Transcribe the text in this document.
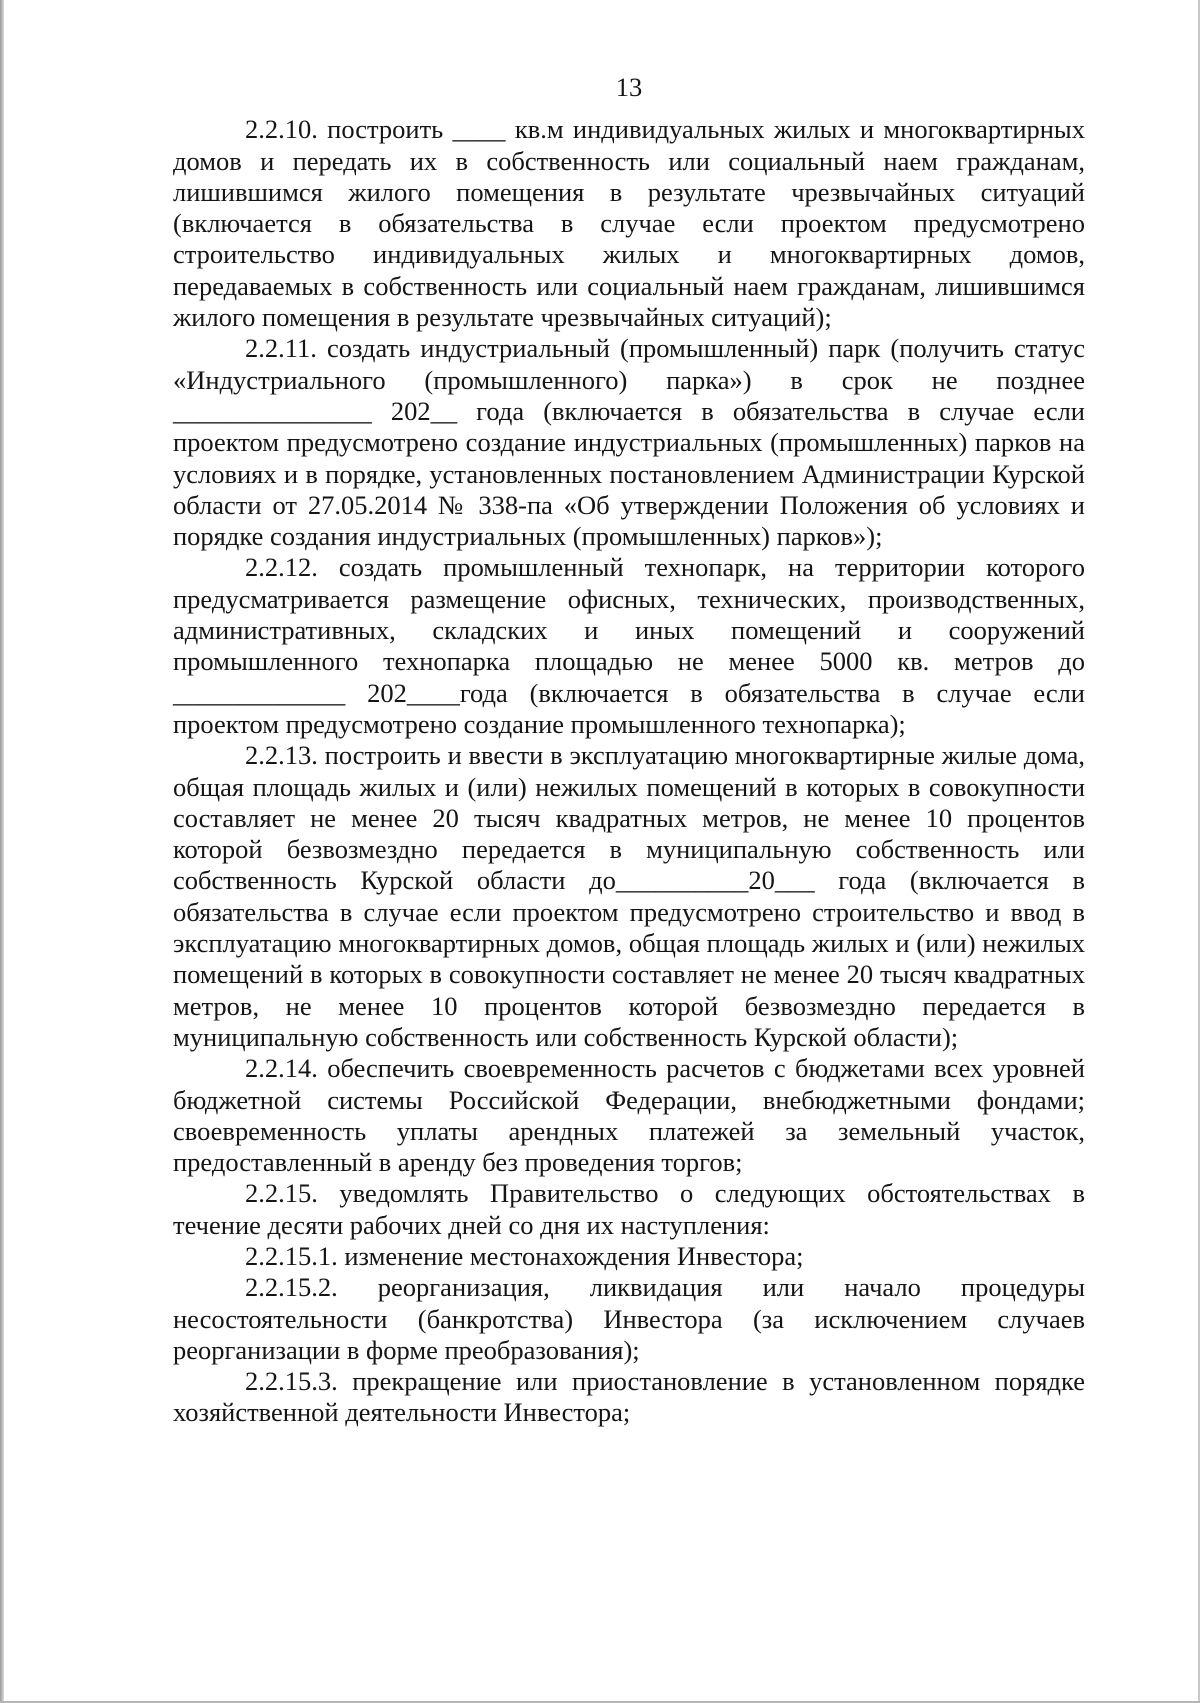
13

2.2.10. построить ____ кв.м индивидуальных жилых и многоквартирных домов и передать их в собственность или социальный наем гражданам, лишившимся жилого помещения в результате чрезвычайных ситуаций (включается в обязательства в случае если проектом предусмотрено строительство индивидуальных жилых и многоквартирных домов, передаваемых в собственность или социальный наем гражданам, лишившимся жилого помещения в результате чрезвычайных ситуаций);

2.2.11. создать индустриальный (промышленный) парк (получить статус «Индустриального (промышленного) парка») в срок не позднее _______________ 202__ года (включается в обязательства в случае если проектом предусмотрено создание индустриальных (промышленных) парков на условиях и в порядке, установленных постановлением Администрации Курской области от 27.05.2014 № 338-па «Об утверждении Положения об условиях и порядке создания индустриальных (промышленных) парков»);

2.2.12. создать промышленный технопарк, на территории которого предусматривается размещение офисных, технических, производственных, административных, складских и иных помещений и сооружений промышленного технопарка площадью не менее 5000 кв. метров до _____________ 202____года (включается в обязательства в случае если проектом предусмотрено создание промышленного технопарка);

2.2.13. построить и ввести в эксплуатацию многоквартирные жилые дома, общая площадь жилых и (или) нежилых помещений в которых в совокупности составляет не менее 20 тысяч квадратных метров, не менее 10 процентов которой безвозмездно передается в муниципальную собственность или собственность Курской области до__________20___ года (включается в обязательства в случае если проектом предусмотрено строительство и ввод в эксплуатацию многоквартирных домов, общая площадь жилых и (или) нежилых помещений в которых в совокупности составляет не менее 20 тысяч квадратных метров, не менее 10 процентов которой безвозмездно передается в муниципальную собственность или собственность Курской области);

2.2.14. обеспечить своевременность расчетов с бюджетами всех уровней бюджетной системы Российской Федерации, внебюджетными фондами; своевременность уплаты арендных платежей за земельный участок, предоставленный в аренду без проведения торгов;

2.2.15. уведомлять Правительство о следующих обстоятельствах в течение десяти рабочих дней со дня их наступления:

2.2.15.1. изменение местонахождения Инвестора;

2.2.15.2. реорганизация, ликвидация или начало процедуры несостоятельности (банкротства) Инвестора (за исключением случаев реорганизации в форме преобразования);

2.2.15.3. прекращение или приостановление в установленном порядке хозяйственной деятельности Инвестора;
